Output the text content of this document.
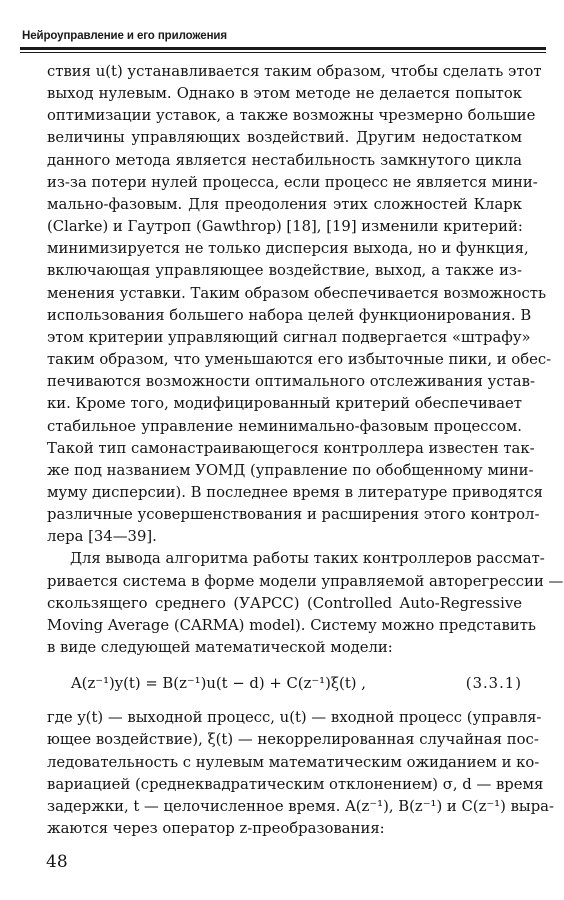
Нейроуправление и его приложения
ствия u(t) устанавливается таким образом, чтобы сделать этот
выход нулевым. Однако в этом методе не делается попыток
оптимизации уставок, а также возможны чрезмерно большие
величины управляющих воздействий. Другим недостатком
данного метода является нестабильность замкнутого цикла
из-за потери нулей процесса, если процесс не является мини-
мально-фазовым. Для преодоления этих сложностей Кларк
(Clarke) и Гаутроп (Gawthrop) [18], [19] изменили критерий:
минимизируется не только дисперсия выхода, но и функция,
включающая управляющее воздействие, выход, а также из-
менения уставки. Таким образом обеспечивается возможность
использования большего набора целей функционирования. В
этом критерии управляющий сигнал подвергается «штрафу»
таким образом, что уменьшаются его избыточные пики, и обес-
печиваются возможности оптимального отслеживания устав-
ки. Кроме того, модифицированный критерий обеспечивает
стабильное управление неминимально-фазовым процессом.
Такой тип самонастраивающегося контроллера известен так-
же под названием УОМД (управление по обобщенному мини-
муму дисперсии). В последнее время в литературе приводятся
различные усовершенствования и расширения этого контрол-
лера [34—39].
Для вывода алгоритма работы таких контроллеров рассмат-
ривается система в форме модели управляемой авторегрессии —
скользящего среднего (УАРСС) (Controlled Auto-Regressive
Moving Average (CARMA) model). Систему можно представить
в виде следующей математической модели:
A(z⁻¹)y(t) = B(z⁻¹)u(t − d) + C(z⁻¹)ξ(t) ,	(3.3.1)
где y(t) — выходной процесс, u(t) — входной процесс (управля-
ющее воздействие), ξ(t) — некоррелированная случайная пос-
ледовательность с нулевым математическим ожиданием и ко-
вариацией (среднеквадратическим отклонением) σ, d — время
задержки, t — целочисленное время. A(z⁻¹), B(z⁻¹) и C(z⁻¹) выра-
жаются через оператор z-преобразования:
48
